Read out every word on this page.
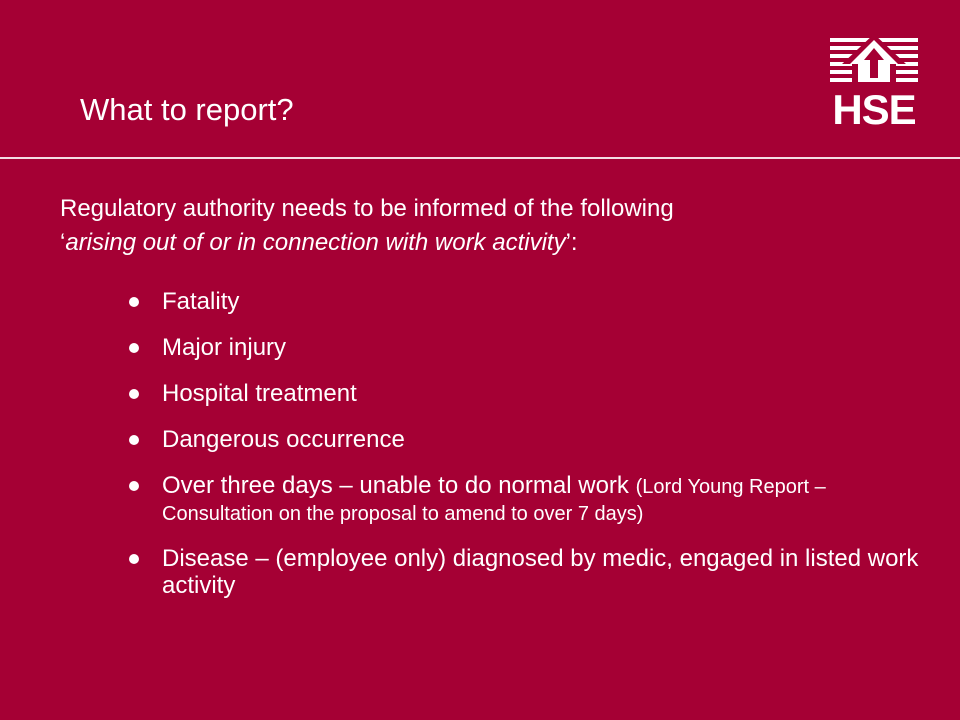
What to report?	HSE
Regulatory authority needs to be informed of the following
‘arising out of or in connection with work activity’:
Fatality
Major injury
Hospital treatment
Dangerous occurrence
Over three days – unable to do normal work (Lord Young Report – Consultation on the proposal to amend to over 7 days)
Disease – (employee only) diagnosed by medic, engaged in listed work activity
